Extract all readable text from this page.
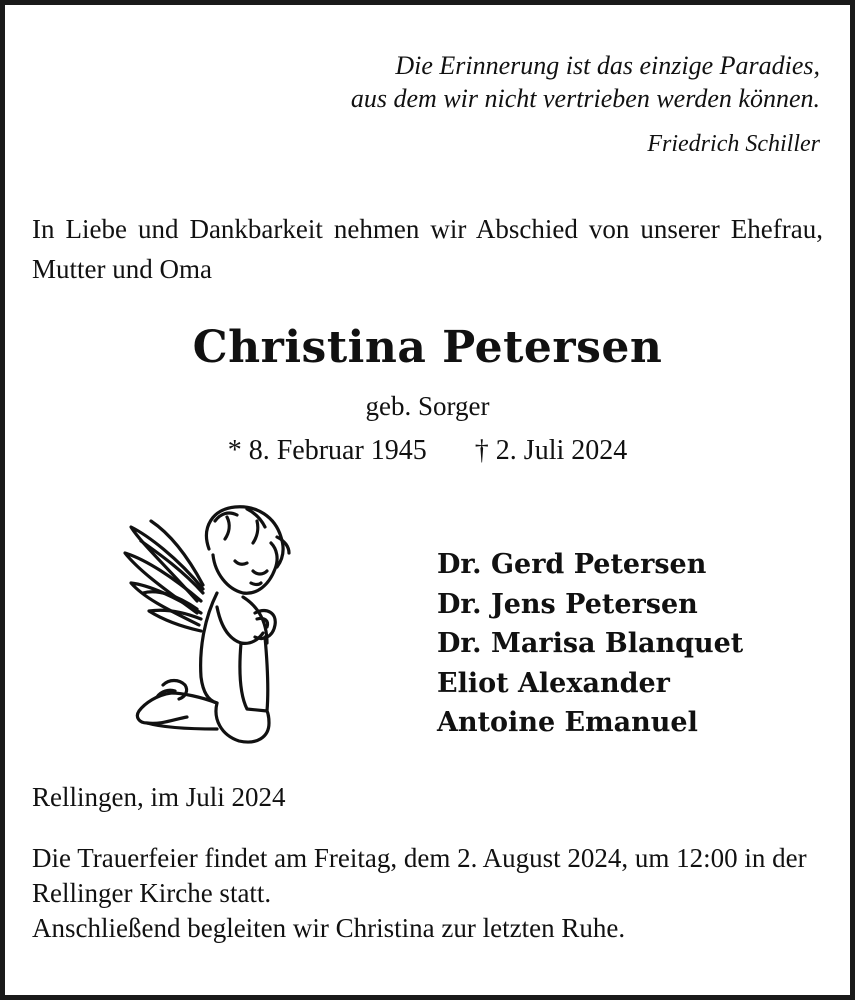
Die Erinnerung ist das einzige Paradies,
aus dem wir nicht vertrieben werden können.
Friedrich Schiller
In Liebe und Dankbarkeit nehmen wir Abschied von unserer Ehefrau, Mutter und Oma
Christina Petersen
geb. Sorger
* 8. Februar 1945 † 2. Juli 2024
Dr. Gerd Petersen
Dr. Jens Petersen
Dr. Marisa Blanquet
Eliot Alexander
Antoine Emanuel
Rellingen, im Juli 2024
Die Trauerfeier findet am Freitag, dem 2. August 2024, um 12:00 in der Rellinger Kirche statt.
Anschließend begleiten wir Christina zur letzten Ruhe.
